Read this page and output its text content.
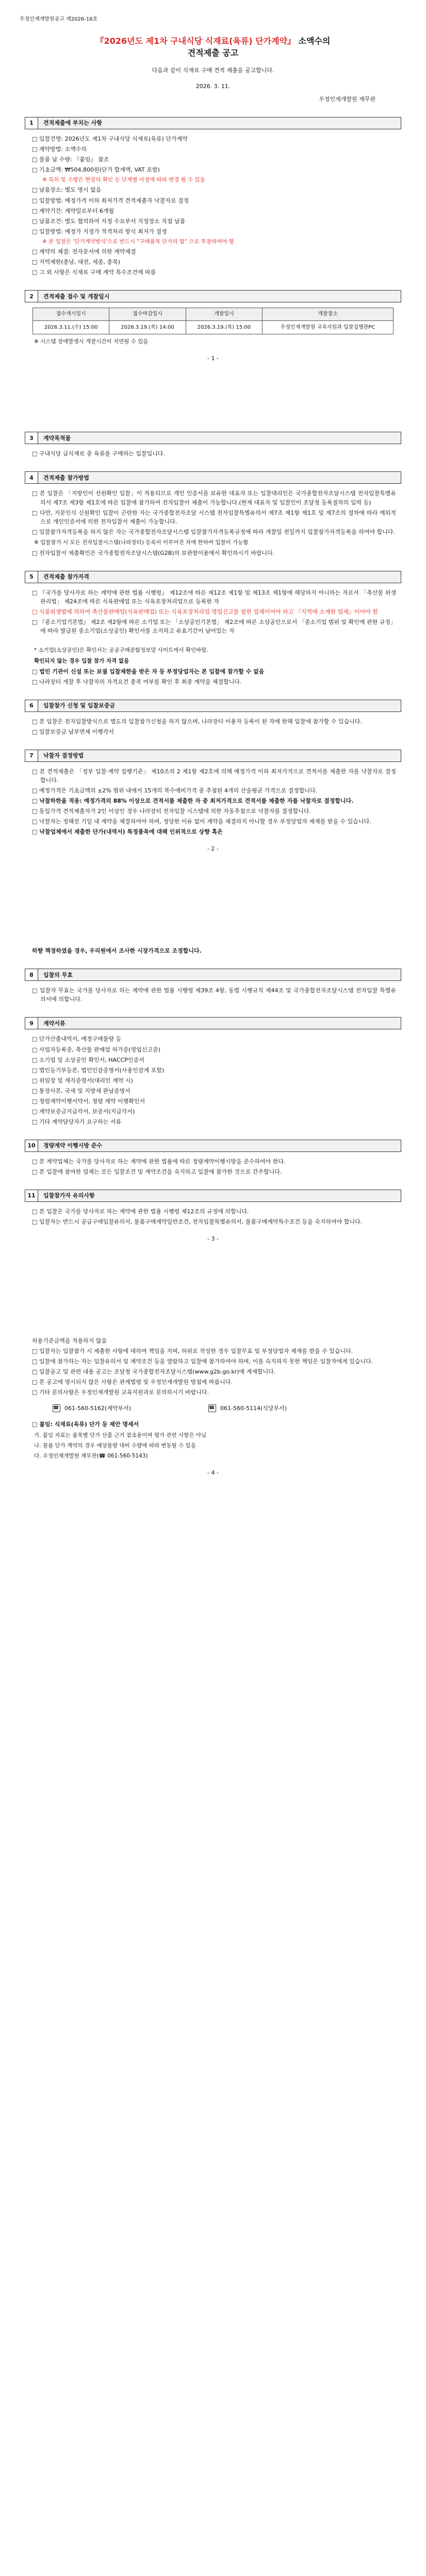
우정인재개발원공고 제2026-16호
『2026년도 제1차 구내식당 식재료(육류) 단가계약』 소액수의
견적제출 공고
다음과 같이 식재료 구매 견적 제출을 공고합니다.
2026. 3. 11.
우정인재개발원 재무관
1	견적제출에 부치는 사항
□ 입찰건명: 2026년도 제1차 구내식당 식재료(육류) 단가계약
□ 계약방법: 소액수의
□ 물품 납 수량: 『붙임』 참조
□ 기초금액: ₩504,800원(단가 합계액, VAT 포함)
※ 특히 및 수량은 현장의 확인 등 단계별 사정에 따라 변경 될 수 있음
□ 납품장소: 별도 명시 없음
□ 입찰방법: 예정가격 이하 최저가격 견적제출자 낙찰자로 결정
□ 계약기간: 계약일로부터 6개월
□ 납품조건: 별도 협의하여 지정 수요부서 지정장소 직접 납품
□ 입찰방법: 예정가 지정가 적격처리 방식 최저가 결정
※ 본 입찰은 '단가계약방식'으로 반드시 "구매품목 단가의 합" 으로 투찰하여야 함
□ 계약의 체결: 전자문서에 의한 계약체결
□ 지역제한(충남, 대전, 세종, 충북)
□ 그 외 사항은 식재료 구매 계약 특수조건에 따름
2	견적제출 접수 및 개찰일시
접수개시일시	접수마감일시	개찰일시	개찰장소
2026.3.11.(수) 15:00	2026.3.19.(목) 14:00	2026.3.19.(목) 15:00	우정인재개발원 교육지원과 입찰집행관PC
※ 시스템 장애발생시 개찰시간이 지연될 수 있음
- 1 -
3	계약목적물
□ 구내식당 급식재료 중 육류를 구매하는 입찰입니다.
4	견적제출 참가방법
□ 본 입찰은 「지방인이 선원확인 입찰」이 적용되므로 개인 인증서를 보유한 대표자 또는 입찰대리인은 국가종합전자조달시스템 전자입찰특별유의서 제7조 제3항 제1호에 따른 입찰에 참가하여 전자입찰이 제출이 가능합니다.(현재 대표자 및 입찰인이 조달청 등록절차의 입력 등)
□ 다만, 지문인식 신원확인 입찰이 곤란한 자는 국가종합전자조달 시스템 전자입찰특별유의서 제7조 제1항 제1호 및 제7조의 절차에 따라 예외적으로 개인인증서에 의한 전자입찰서 제출이 가능합니다.
□ 입찰참가자격등록을 하지 않은 자는 국가종합전자조달시스템 입찰참가자격등록규정에 따라 개찰일 전일까지 입찰참가자격등록을 하여야 합니다.
※ 입찰참가 시 모든 전자입찰시스템(나라장터) 등록이 이루어진 자에 한하여 입찰이 가능함
□ 전자입찰서 제출확인은 국가종합전자조달시스템(G2B)의 보관함이용에서 확인하시기 바랍니다.
5	견적제출 참가자격
□ 『국가를 당사자로 하는 계약에 관한 법률 시행령』 제12조에 따른 제12조 제1항 및 제13조 제1항에 해당하지 아니하는 자로서 「축산물 위생관리법」 제24조에 따른 식육판매업 또는 식육포장처리업으로 등록한 자
□ 식품위생법에 의하여 축산물판매업(식육판매업) 또는 식육포장처리업 영업신고를 필한 업체이어야 하고 『지역에 소재한 업체』이어야 함
□ 『중소기업기본법』 제2조 제2항에 따른 소기업 또는 「소상공인기본법」 제2조에 따른 소상공인으로서 「중소기업 범위 및 확인에 관한 규정」에 따라 발급된 중소기업(소상공인) 확인서를 소지하고 유효기간이 남아있는 자
* 소기업(소상공인)은 확인서는 공공구매종합정보망 사이트에서 확인바람.
확인되지 않는 경우 입찰 참가 자격 없음
□ 법인 기관이 신설 또는 보궐 입찰제한을 받은 자 등 부정당업자는 본 입찰에 참가할 수 없음
□ 나라장터 개찰 후 낙찰자의 자격요건 충족 여부를 확인 후 최종 계약을 체결합니다.
6	입찰참가 신청 및 입찰보증금
□ 본 입찰은 전자입찰방식으로 별도의 입찰참가신청을 하지 않으며, 나라장터 이용자 등록이 된 자에 한해 입찰에 참가할 수 있습니다.
□ 입찰보증금 납부면제 이행각서
7	낙찰자 결정방법
□ 본 견적제출은 「정부 입찰·계약 집행기준」 제10조의 2 제1항 제2호에 의해 예정가격 이하 최저가격으로 견적서를 제출한 자를 낙찰자로 결정합니다.
□ 예정가격은 기초금액의 ±2% 범위 내에서 15개의 복수예비가격 중 추첨된 4개의 산술평균 가격으로 결정합니다.
□ 낙찰하한율 적용: 예정가격의 88% 이상으로 견적서를 제출한 자 중 최저가격으로 견적서를 제출한 자를 낙찰자로 결정합니다.
□ 동일가격 견적제출자가 2인 이상인 경우 나라장터 전자입찰 시스템에 의한 자동추첨으로 낙찰자를 결정합니다.
□ 낙찰자는 정해진 기일 내 계약을 체결하여야 하며, 정당한 이유 없이 계약을 체결하지 아니할 경우 부정당업자 제재를 받을 수 있습니다.
□ 낙찰업체에서 제출한 단가(내역서) 특정품목에 대해 인위적으로 상향 혹은
- 2 -
하향 책정하였을 경우, 우리원에서 조사한 시장가격으로 조정합니다.
8	입찰의 무효
□ 입찰자 무효는 국가를 당사자로 하는 계약에 관한 법률 시행령 제39조 4항, 동법 시행규칙 제44조 및 국가종합전자조달시스템 전자입찰 특별유의서에 의합니다.
9	계약서류
□ 단가산출내역서, 예정구매물량 등
□ 사업자등록증, 축산물 판매업 허가증(영업신고증)
□ 소기업 및 소상공인 확인서, HACCP인증서
□ 법인등기부등본, 법인인감증명서(사용인감계 포함)
□ 위임장 및 재직증명서(대리인 계약 시)
□ 통장사본, 국세 및 지방세 완납증명서
□ 청렴계약이행서약서, 청렴 계약 이행확인서
□ 계약보증금지급각서, 보증서(지급각서)
□ 기타 계약담당자가 요구하는 서류
10	정량계약 이행시방 준수
□ 본 계약업체는 국가를 당사자로 하는 계약에 관한 법률에 따른 정량계약이행시방을 준수하여야 한다.
□ 본 입찰에 참여한 업체는 모든 입찰조건 및 계약조건을 숙지하고 입찰에 참가한 것으로 간주합니다.
11	입찰참가자 유의사항
□ 본 입찰은 국가를 당사자로 하는 계약에 관한 법률 시행령 제12조의 규정에 의합니다.
□ 입찰자는 반드시 공급구매입찰유의서, 물품구매계약일반조건, 전자입찰특별유의서, 물품구매계약특수조건 등을 숙지하여야 합니다.
- 3 -
허용기준금액을 적용하지 않음
□ 입찰자는 입찰참가 시 제출한 사항에 대하여 책임을 지며, 허위로 작성한 경우 입찰무효 및 부정당업자 제재를 받을 수 있습니다.
□ 입찰에 참가하는 자는 입찰유의서 및 계약조건 등을 열람하고 입찰에 참가하여야 하며, 이를 숙지하지 못한 책임은 입찰자에게 있습니다.
□ 입찰공고 및 관련 내용 공고는 조달청 국가종합전자조달시스템(www.g2b.go.kr)에 게재합니다.
□ 본 공고에 명시되지 않은 사항은 관계법령 및 우정인재개발원 방침에 따릅니다.
□ 기타 문의사항은 우정인재개발원 교육지원과로 문의하시기 바랍니다.
☎ 061-560-5162(계약부서)	☎ 061-560-5114(식당부서)
□ 붙임: 식재료(육류) 단가 등 제안 명세서
가. 붙임 자료는 품목별 단가 산출 근거 참조용이며 평가 관련 사항은 아님
나. 물품 단가 계약의 경우 예상물량 대비 수량에 따라 변동될 수 있음
다. 우정인재개발원 재무관(☎ 061-560-5143)
- 4 -
